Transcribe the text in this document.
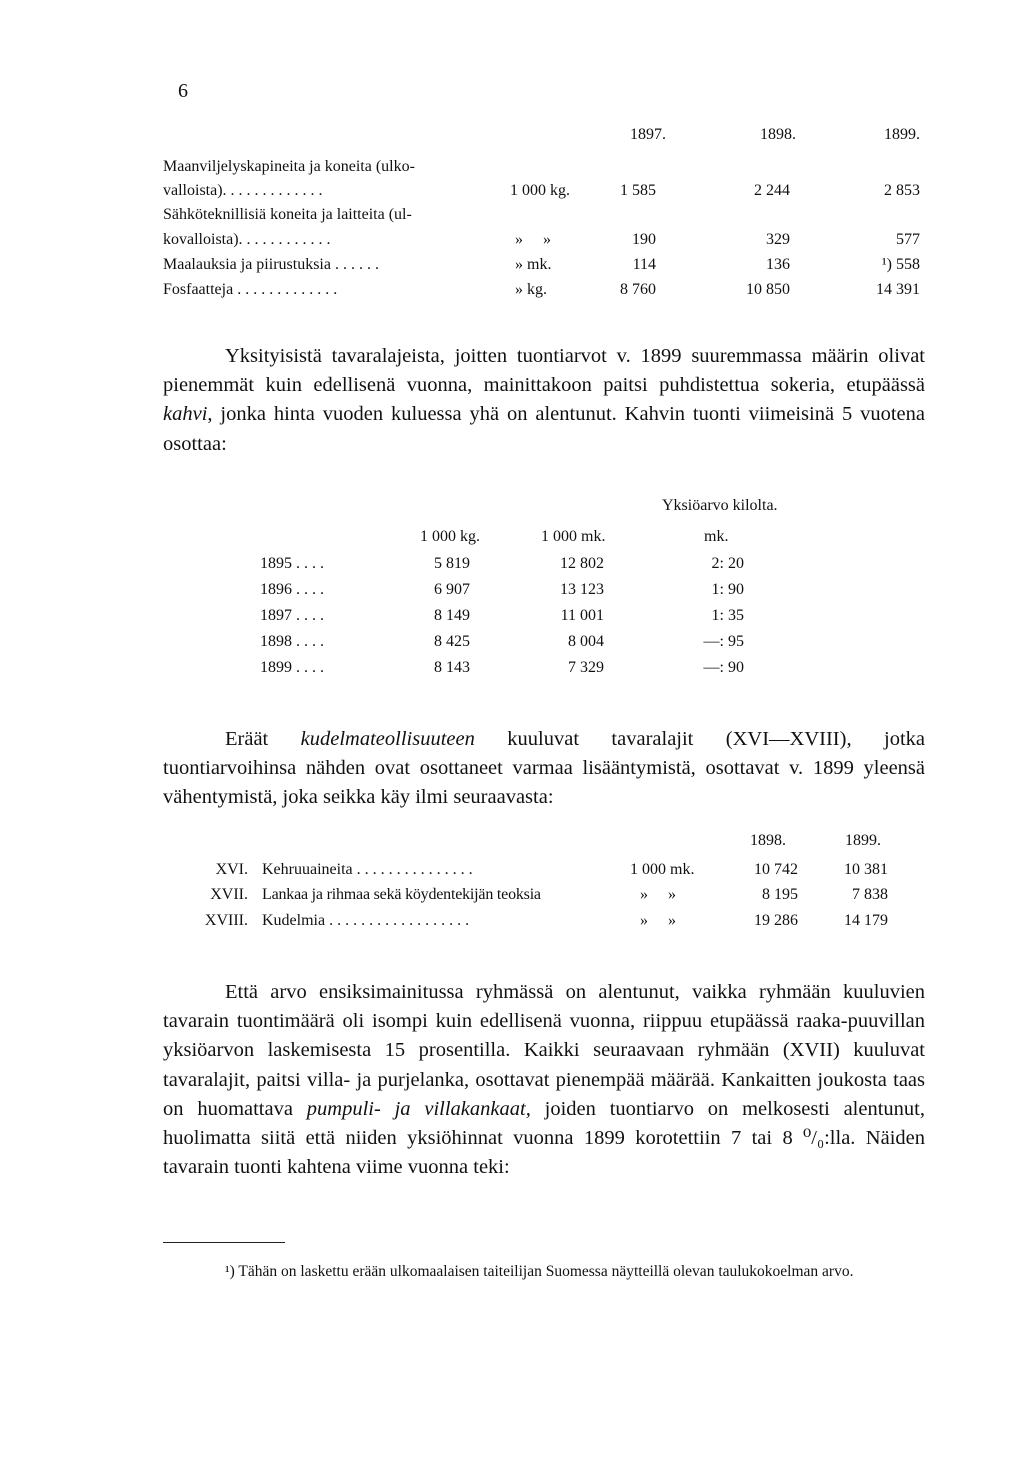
6
1897.	1898.	1899.
Maanviljelyskapineita ja koneita (ulko-
valloista). . . . . . . . . . . . .	1 000 kg.	1 585	2 244	2 853
Sähköteknillisiä koneita ja laitteita (ul-
kovalloista). . . . . . . . . . . .	»     »	190	329	577
Maalauksia ja piirustuksia . . . . . .	» mk.	114	136	¹) 558
Fosfaatteja . . . . . . . . . . . . .	» kg.	8 760	10 850	14 391

Yksityisistä tavaralajeista, joitten tuontiarvot v. 1899 suuremmassa määrin olivat pienemmät kuin edellisenä vuonna, mainittakoon paitsi puhdistettua sokeria, etupäässä kahvi, jonka hinta vuoden kuluessa yhä on alentunut. Kahvin tuonti viimeisinä 5 vuotena osottaa:

Yksiöarvo kilolta.
1 000 kg.	1 000 mk.	mk.
1895 . . . .	5 819	12 802	2: 20
1896 . . . .	6 907	13 123	1: 90
1897 . . . .	8 149	11 001	1: 35
1898 . . . .	8 425	8 004	—: 95
1899 . . . .	8 143	7 329	—: 90

Eräät kudelmateollisuuteen kuuluvat tavaralajit (XVI—XVIII), jotka tuontiarvoihinsa nähden ovat osottaneet varmaa lisääntymistä, osottavat v. 1899 yleensä vähentymistä, joka seikka käy ilmi seuraavasta:

1898.	1899.
XVI. Kehruuaineita . . . . . . . . . . . . . . .	1 000 mk.	10 742	10 381
XVII. Lankaa ja rihmaa sekä köydentekijän teoksia	»     »	8 195	7 838
XVIII. Kudelmia . . . . . . . . . . . . . . . . . .	»     »	19 286	14 179

Että arvo ensiksimainitussa ryhmässä on alentunut, vaikka ryhmään kuuluvien tavarain tuontimäärä oli isompi kuin edellisenä vuonna, riippuu etupäässä raaka-puuvillan yksiöarvon laskemisesta 15 prosentilla. Kaikki seuraavaan ryhmään (XVII) kuuluvat tavaralajit, paitsi villa- ja purjelanka, osottavat pienempää määrää. Kankaitten joukosta taas on huomattava pumpuli- ja villakankaat, joiden tuontiarvo on melkosesti alentunut, huolimatta siitä että niiden yksiöhinnat vuonna 1899 korotettiin 7 tai 8 ⁰/₀:lla. Näiden tavarain tuonti kahtena viime vuonna teki:

¹) Tähän on laskettu erään ulkomaalaisen taiteilijan Suomessa näytteillä olevan taulukokoelman arvo.
